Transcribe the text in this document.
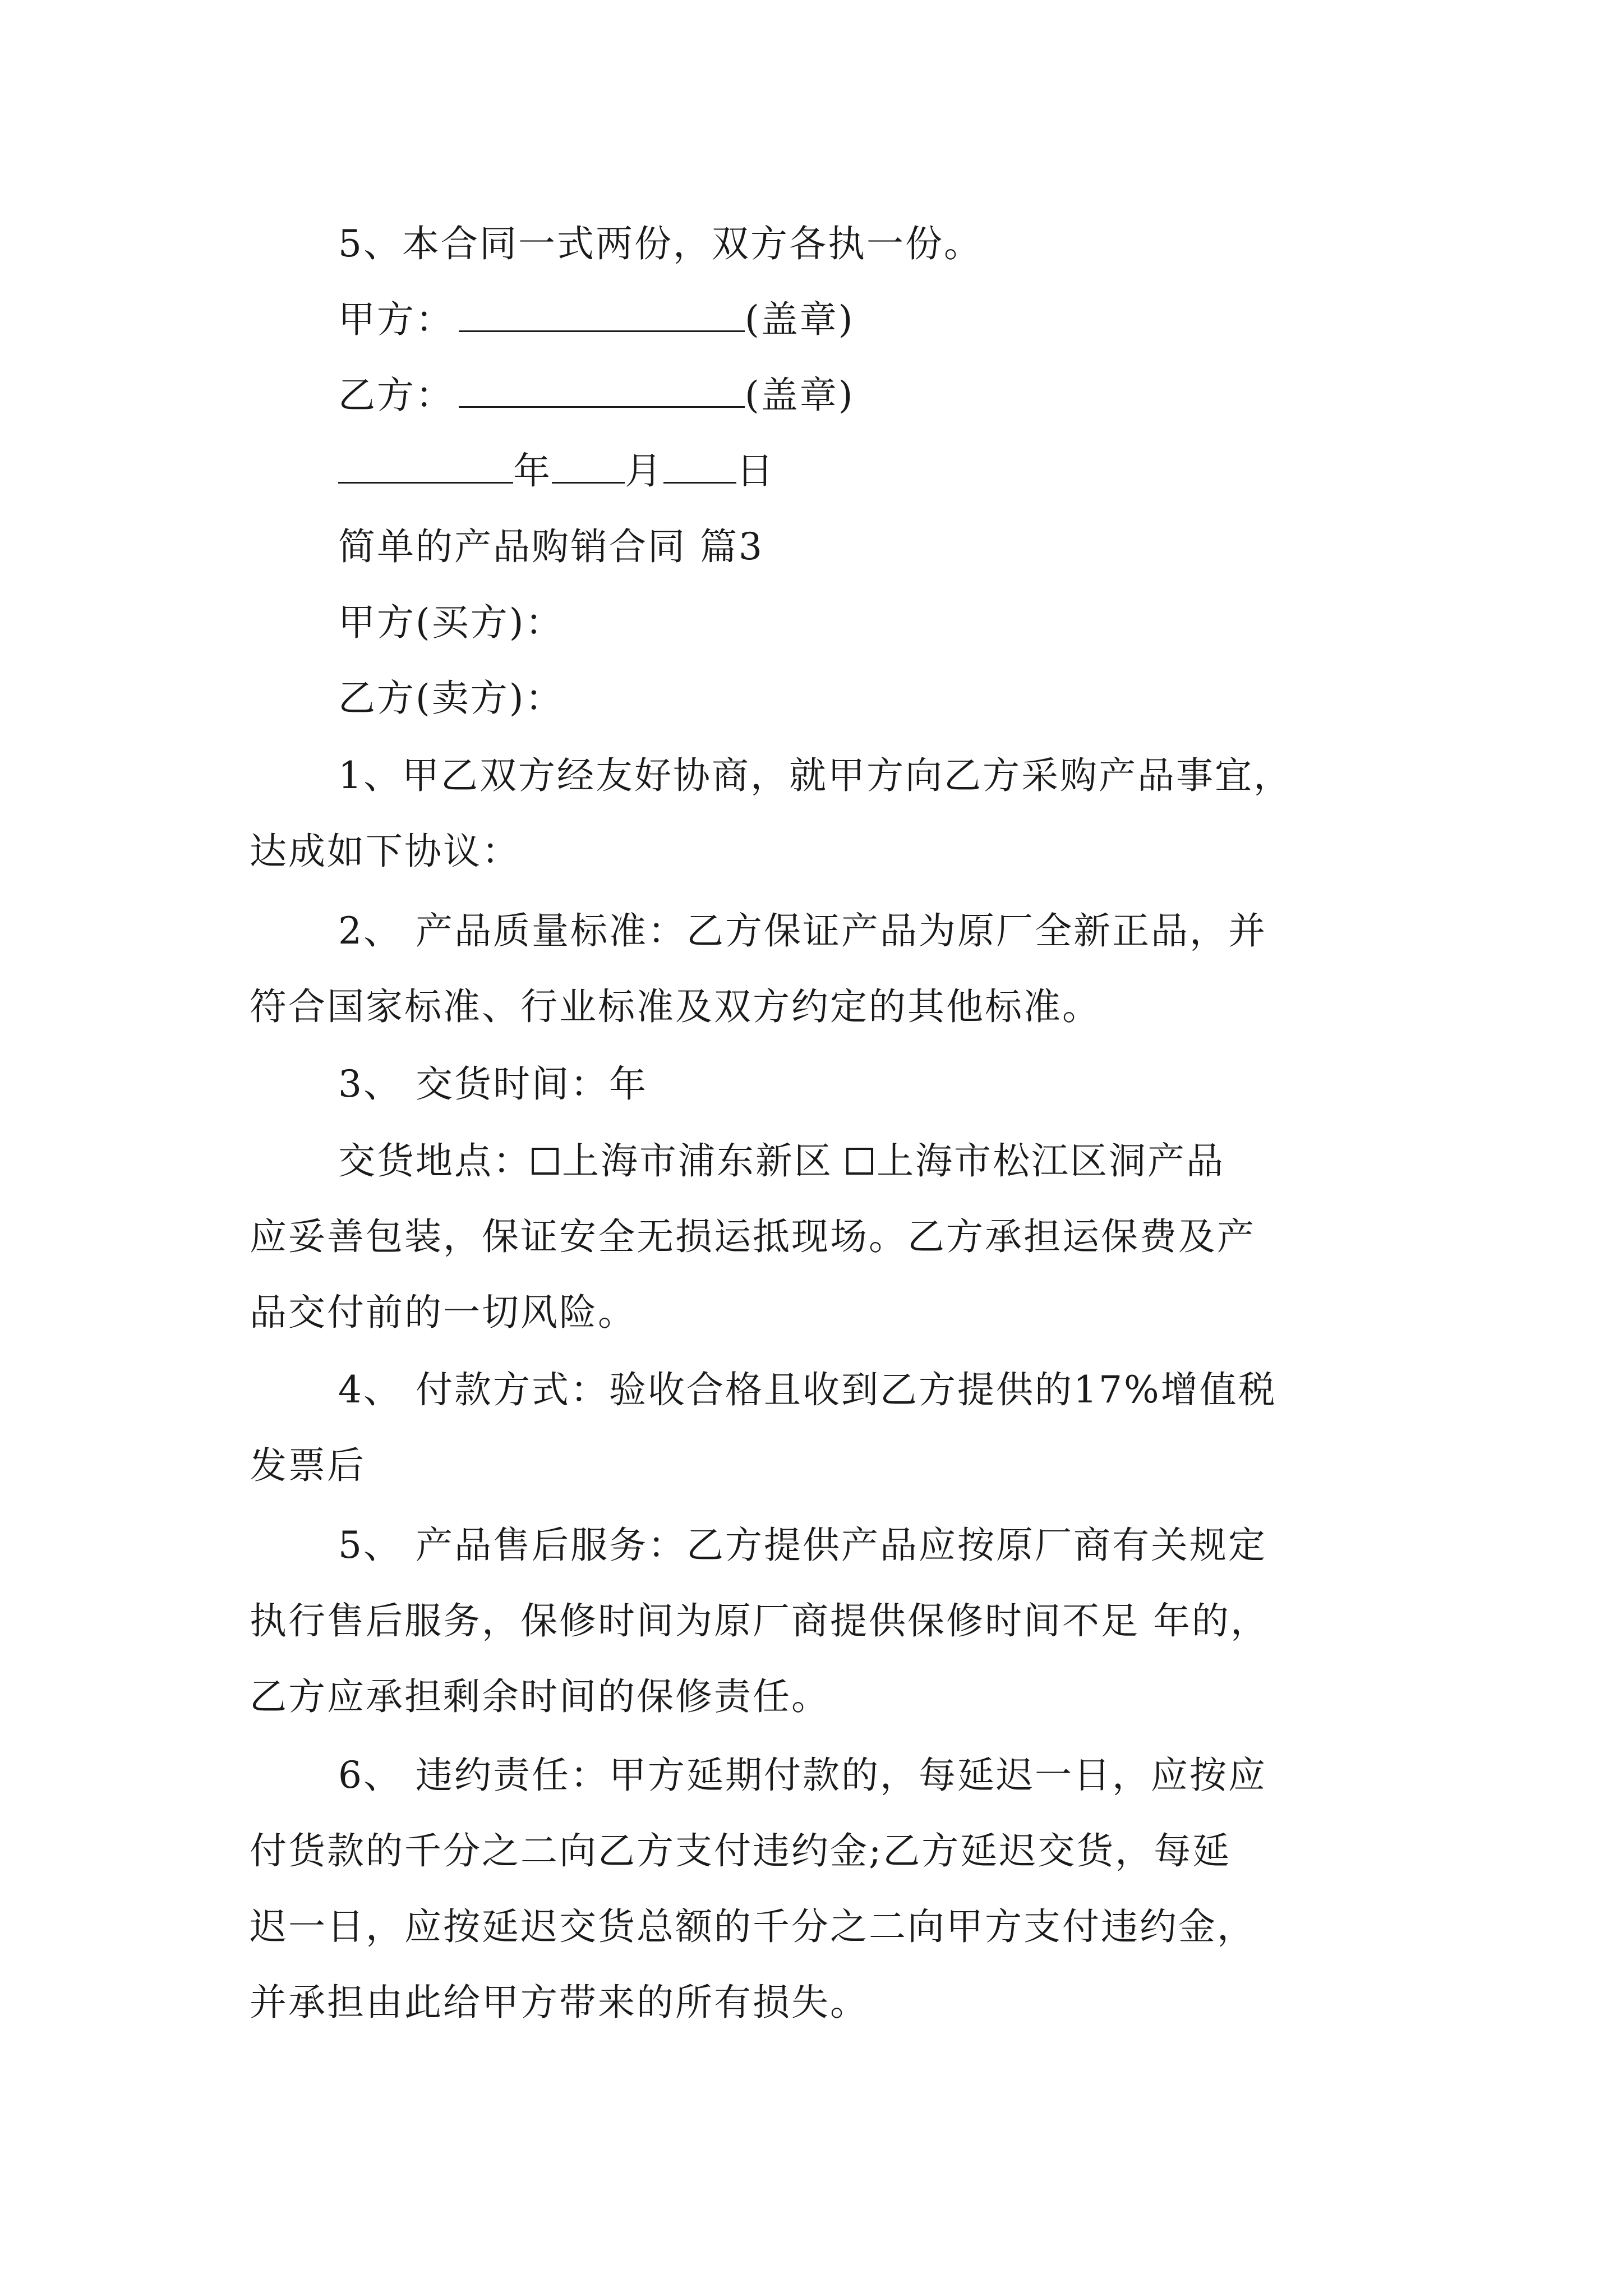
5、本合同一式两份，双方各执一份。
甲方：	(盖章)
乙方：	(盖章)
年 月 日
简单的产品购销合同 篇3
甲方(买方)：
乙方(卖方)：
1、甲乙双方经友好协商，就甲方向乙方采购产品事宜，
达成如下协议：
2、 产品质量标准：乙方保证产品为原厂全新正品，并
符合国家标准、行业标准及双方约定的其他标准。
3、 交货时间：年
交货地点： 上海市浦东新区 上海市松江区洞产品
应妥善包装，保证安全无损运抵现场。乙方承担运保费及产
品交付前的一切风险。
4、 付款方式：验收合格且收到乙方提供的17%增值税
发票后
5、 产品售后服务：乙方提供产品应按原厂商有关规定
执行售后服务，保修时间为原厂商提供保修时间不足 年的，
乙方应承担剩余时间的保修责任。
6、 违约责任：甲方延期付款的，每延迟一日，应按应
付货款的千分之二向乙方支付违约金;乙方延迟交货，每延
迟一日，应按延迟交货总额的千分之二向甲方支付违约金，
并承担由此给甲方带来的所有损失。
